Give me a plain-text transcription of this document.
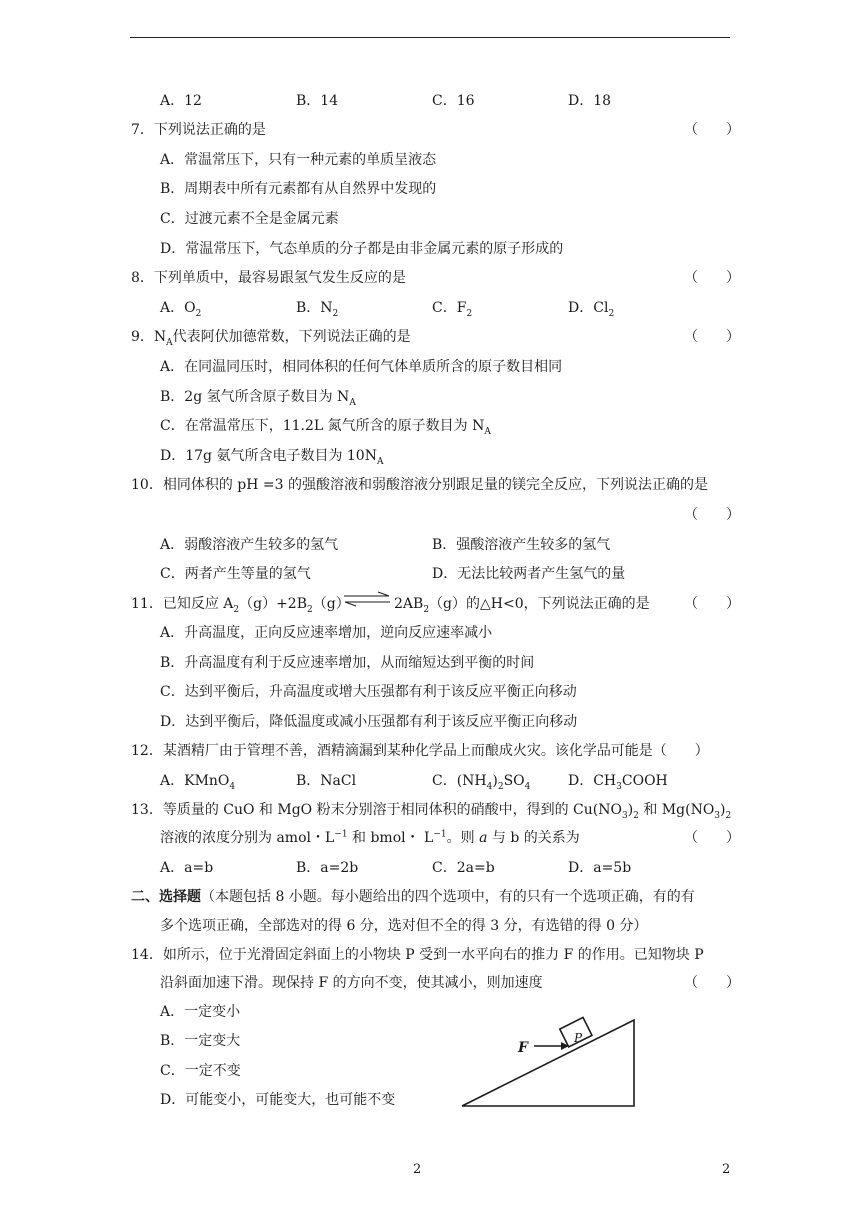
A．12	B．14	C．16	D．18
7．下列说法正确的是	（　　）
A．常温常压下，只有一种元素的单质呈液态
B．周期表中所有元素都有从自然界中发现的
C．过渡元素不全是金属元素
D．常温常压下，气态单质的分子都是由非金属元素的原子形成的
8．下列单质中，最容易跟氢气发生反应的是	（　　）
A．$O_2$	B．$N_2$	C．$F_2$	D．$Cl_2$
9．$N_A$代表阿伏加德常数，下列说法正确的是	（　　）
A．在同温同压时，相同体积的任何气体单质所含的原子数目相同
B．2g 氢气所含原子数目为 $N_A$
C．在常温常压下，11.2L 氮气所含的原子数目为 $N_A$
D．17g 氨气所含电子数目为 $10N_A$
10．相同体积的 pH =3 的强酸溶液和弱酸溶液分别跟足量的镁完全反应，下列说法正确的是
（　　）
A．弱酸溶液产生较多的氢气	B．强酸溶液产生较多的氢气
C．两者产生等量的氢气	D．无法比较两者产生氢气的量
11．已知反应 $A_2(g)+2B_2(g)$ ⇌ $2AB_2(g)$的△H<0，下列说法正确的是 （　　）
A．升高温度，正向反应速率增加，逆向反应速率减小
B．升高温度有利于反应速率增加，从而缩短达到平衡的时间
C．达到平衡后，升高温度或增大压强都有利于该反应平衡正向移动
D．达到平衡后，降低温度或减小压强都有利于该反应平衡正向移动
12．某酒精厂由于管理不善，酒精滴漏到某种化学品上而酿成火灾。该化学品可能是（　　）
A．KMnO$_4$	B．NaCl	C．$(NH_4)_2SO_4$	D．$CH_3COOH$
13．等质量的 CuO 和 MgO 粉末分别溶于相同体积的硝酸中，得到的 $Cu(NO_3)_2$ 和 $Mg(NO_3)_2$
溶液的浓度分别为 amol・$L^{-1}$ 和 bmol・ $L^{-1}$。则 a 与 b 的关系为	（　　）
A．a=b	B．a=2b	C．2a=b	D．a=5b
二、选择题（本题包括 8 小题。每小题给出的四个选项中，有的只有一个选项正确，有的有
多个选项正确，全部选对的得 6 分，选对但不全的得 3 分，有选错的得 0 分）
14．如所示，位于光滑固定斜面上的小物块 P 受到一水平向右的推力 F 的作用。已知物块 P
沿斜面加速下滑。现保持 F 的方向不变，使其减小，则加速度	（　　）
A．一定变小
B．一定变大
C．一定不变
D．可能变小，可能变大，也可能不变
P
F
2	2
